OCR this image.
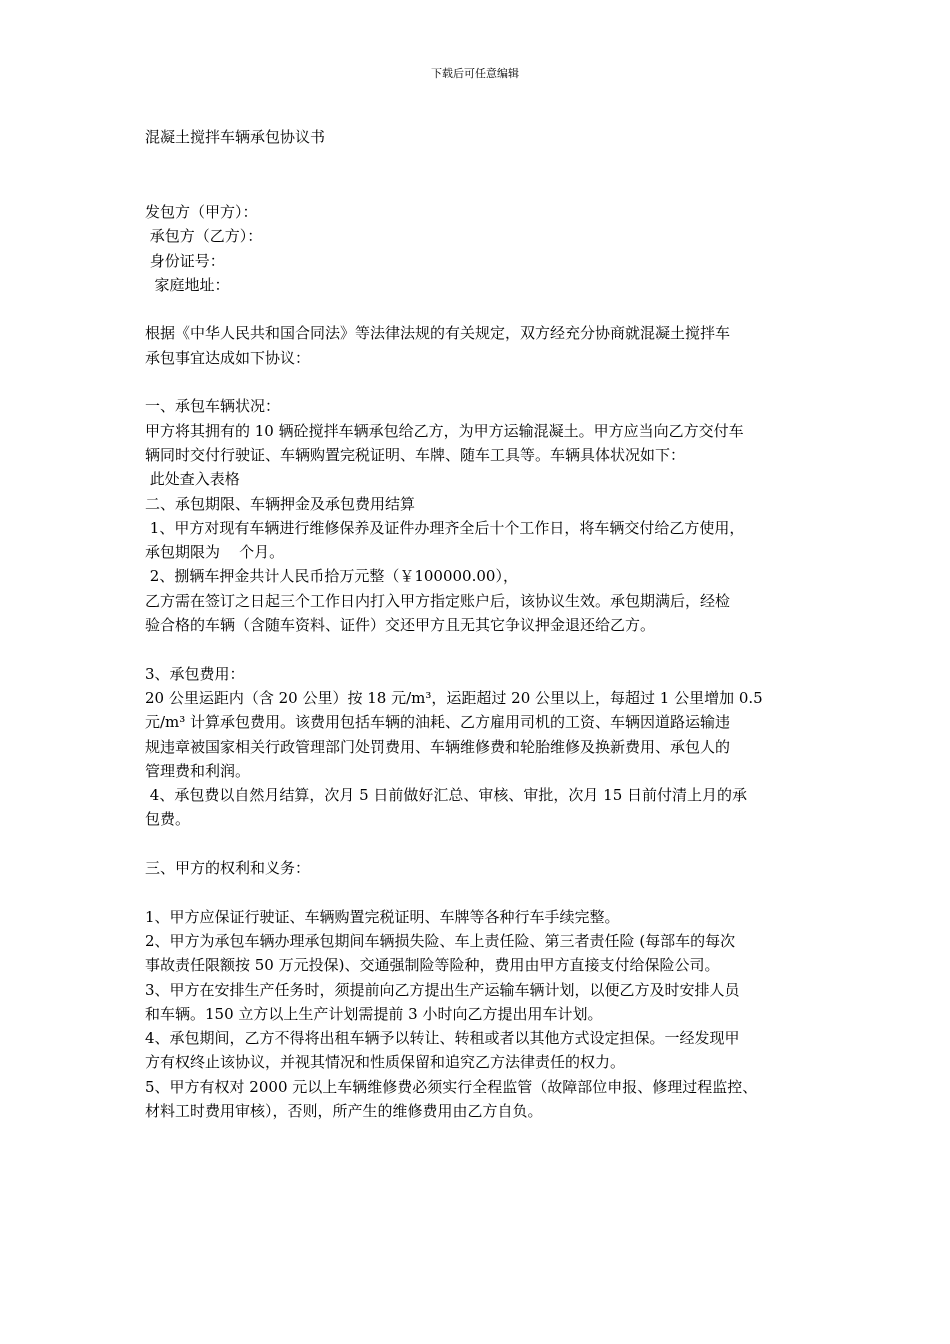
下载后可任意编辑
混凝土搅拌车辆承包协议书

发包方（甲方）：

承包方（乙方）：

身份证号：

家庭地址：

根据《中华人民共和国合同法》等法律法规的有关规定，双方经充分协商就混凝土搅拌车

承包事宜达成如下协议：

一、承包车辆状况：

甲方将其拥有的 10 辆砼搅拌车辆承包给乙方，为甲方运输混凝土。甲方应当向乙方交付车

辆同时交付行驶证、车辆购置完税证明、车牌、随车工具等。车辆具体状况如下：

此处查入表格

二、承包期限、车辆押金及承包费用结算

1、甲方对现有车辆进行维修保养及证件办理齐全后十个工作日，将车辆交付给乙方使用，

承包期限为    个月。

2、捌辆车押金共计人民币拾万元整（￥100000.00），

乙方需在签订之日起三个工作日内打入甲方指定账户后，该协议生效。承包期满后，经检

验合格的车辆（含随车资料、证件）交还甲方且无其它争议押金退还给乙方。

3、承包费用：

20 公里运距内（含 20 公里）按 18 元/m³，运距超过 20 公里以上，每超过 1 公里增加 0.5

元/m³ 计算承包费用。该费用包括车辆的油耗、乙方雇用司机的工资、车辆因道路运输违

规违章被国家相关行政管理部门处罚费用、车辆维修费和轮胎维修及换新费用、承包人的

管理费和利润。

4、承包费以自然月结算，次月 5 日前做好汇总、审核、审批，次月 15 日前付清上月的承

包费。

三、甲方的权利和义务：

1、甲方应保证行驶证、车辆购置完税证明、车牌等各种行车手续完整。

2、甲方为承包车辆办理承包期间车辆损失险、车上责任险、第三者责任险 (每部车的每次

事故责任限额按 50 万元投保)、交通强制险等险种，费用由甲方直接支付给保险公司。

3、甲方在安排生产任务时，须提前向乙方提出生产运输车辆计划，以便乙方及时安排人员

和车辆。150 立方以上生产计划需提前 3 小时向乙方提出用车计划。

4、承包期间，乙方不得将出租车辆予以转让、转租或者以其他方式设定担保。一经发现甲

方有权终止该协议，并视其情况和性质保留和追究乙方法律责任的权力。

5、甲方有权对 2000 元以上车辆维修费必须实行全程监管（故障部位申报、修理过程监控、

材料工时费用审核），否则，所产生的维修费用由乙方自负。
